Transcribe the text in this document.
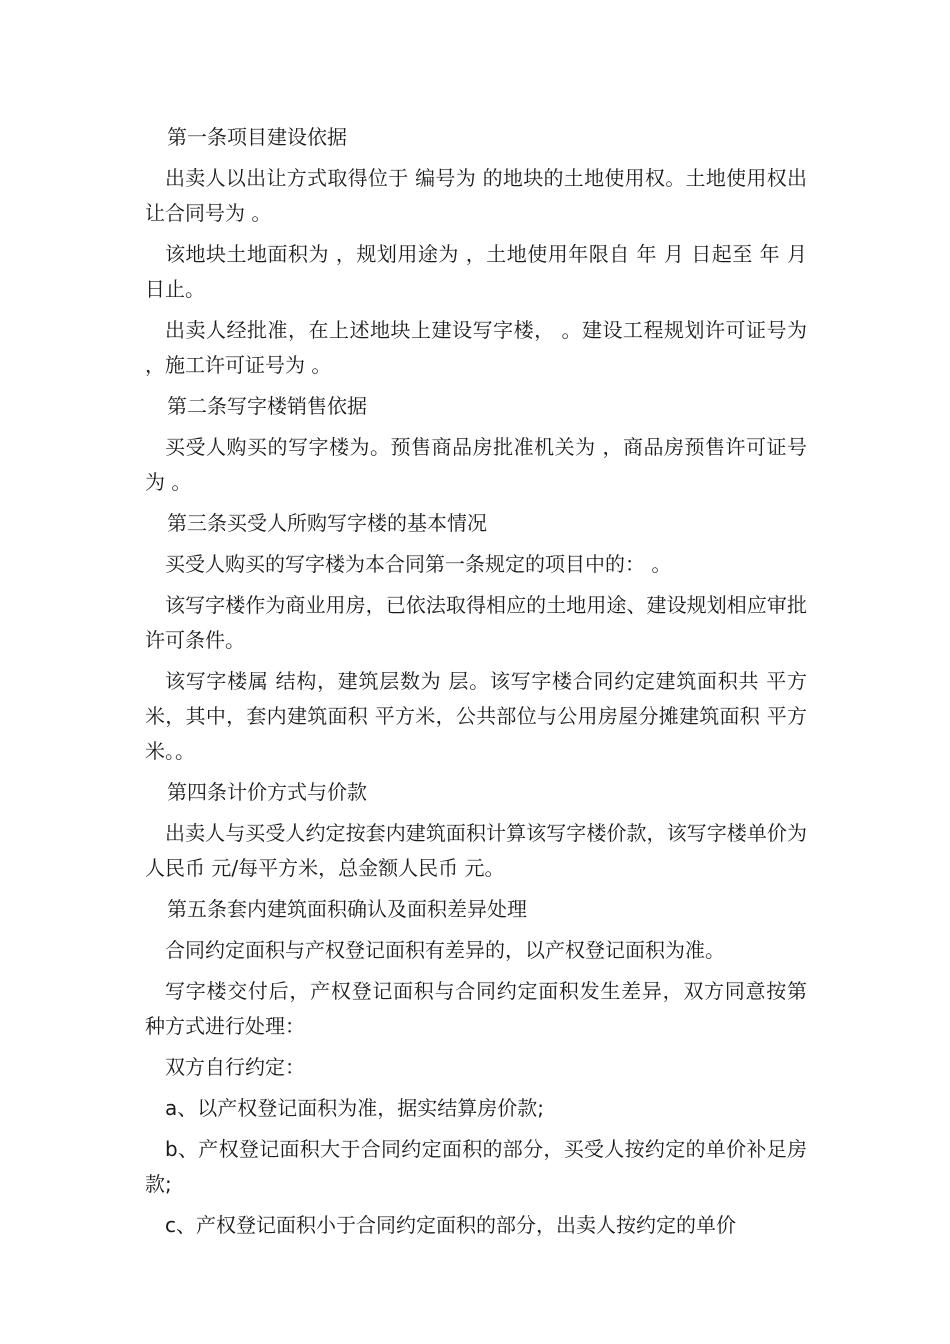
第一条项目建设依据

出卖人以出让方式取得位于 编号为 的地块的土地使用权。土地使用权出让合同号为 。

该地块土地面积为 ，规划用途为 ，土地使用年限自 年 月 日起至 年 月 日止。

出卖人经批准，在上述地块上建设写字楼， 。建设工程规划许可证号为 ，施工许可证号为 。

第二条写字楼销售依据

买受人购买的写字楼为。预售商品房批准机关为 ，商品房预售许可证号为 。

第三条买受人所购写字楼的基本情况

买受人购买的写字楼为本合同第一条规定的项目中的： 。

该写字楼作为商业用房，已依法取得相应的土地用途、建设规划相应审批许可条件。

该写字楼属 结构，建筑层数为 层。该写字楼合同约定建筑面积共 平方米，其中，套内建筑面积 平方米，公共部位与公用房屋分摊建筑面积 平方米。。

第四条计价方式与价款

出卖人与买受人约定按套内建筑面积计算该写字楼价款，该写字楼单价为人民币 元/每平方米，总金额人民币 元。

第五条套内建筑面积确认及面积差异处理

合同约定面积与产权登记面积有差异的，以产权登记面积为准。

写字楼交付后，产权登记面积与合同约定面积发生差异，双方同意按第 种方式进行处理：

双方自行约定：

a、以产权登记面积为准，据实结算房价款;

b、产权登记面积大于合同约定面积的部分，买受人按约定的单价补足房款;

c、产权登记面积小于合同约定面积的部分，出卖人按约定的单价
